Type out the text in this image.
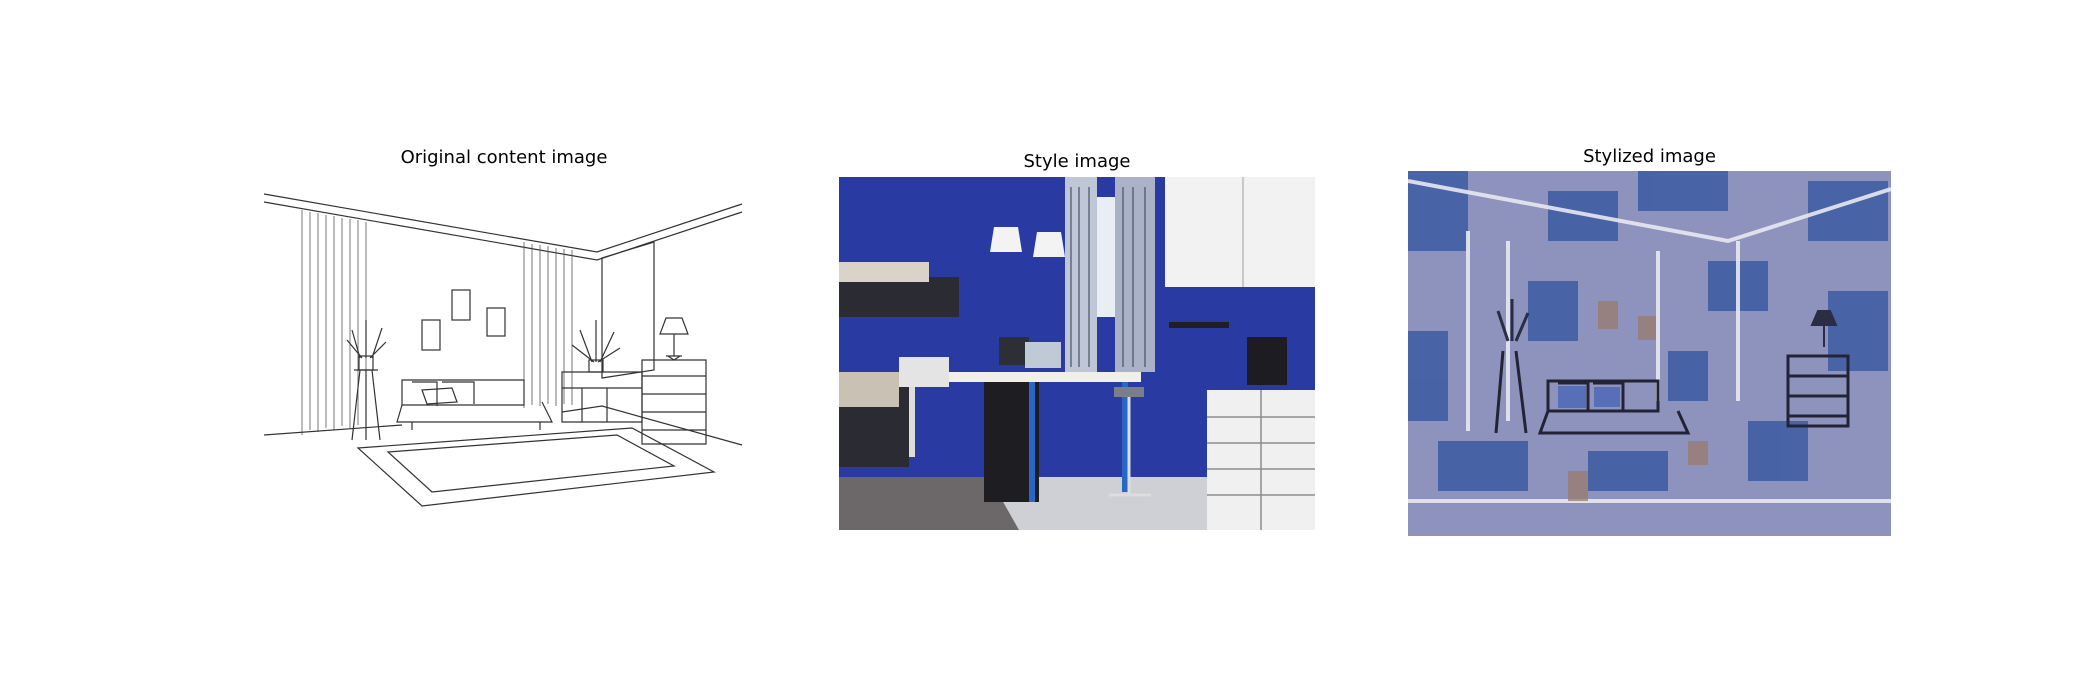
Original content image	Style image	Stylized image
